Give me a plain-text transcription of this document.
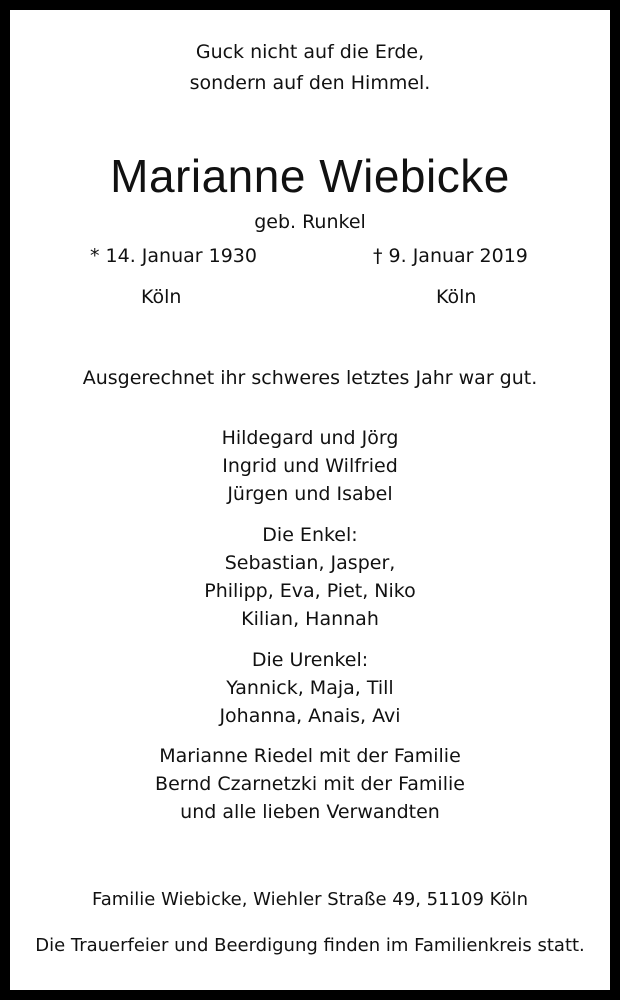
Guck nicht auf die Erde,
sondern auf den Himmel.
Marianne Wiebicke
geb. Runkel
* 14. Januar 1930	† 9. Januar 2019
Köln	Köln
Ausgerechnet ihr schweres letztes Jahr war gut.
Hildegard und Jörg
Ingrid und Wilfried
Jürgen und Isabel
Die Enkel:
Sebastian, Jasper,
Philipp, Eva, Piet, Niko
Kilian, Hannah
Die Urenkel:
Yannick, Maja, Till
Johanna, Anais, Avi
Marianne Riedel mit der Familie
Bernd Czarnetzki mit der Familie
und alle lieben Verwandten
Familie Wiebicke, Wiehler Straße 49, 51109 Köln
Die Trauerfeier und Beerdigung finden im Familienkreis statt.
